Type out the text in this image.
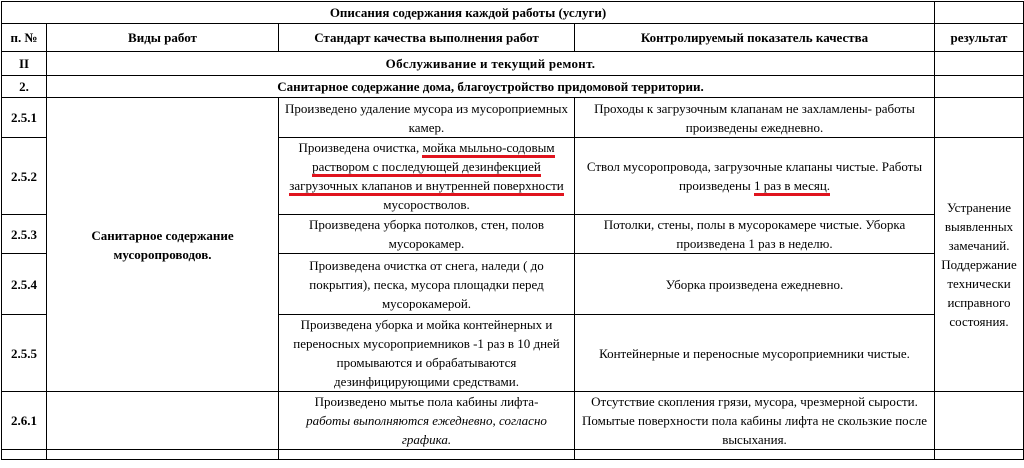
Описания содержания каждой работы (услуги)				
п. №	Виды работ	Стандарт качества выполнения работ	Контролируемый показатель качества	результат
II	Обслуживание и текущий ремонт.			
2.	Санитарное содержание дома, благоустройство придомовой территории.			
2.5.1	Санитарное содержание мусоропроводов.	Произведено удаление мусора из мусороприемных камер.	Проходы к загрузочным клапанам не захламлены- работы произведены ежедневно.	
2.5.2		Произведена очистка, мойка мыльно-содовым
раствором с последующей дезинфекцией
загрузочных клапанов и внутренней поверхности
мусоростволов.	Ствол мусоропровода, загрузочные клапаны чистые. Работы произведены 1 раз в месяц.	Устранение выявленных замечаний. Поддержание технически исправного состояния.
2.5.3		Произведена уборка потолков, стен, полов мусорокамер.	Потолки, стены, полы в мусорокамере чистые. Уборка произведена 1 раз в неделю.	
2.5.4		Произведена очистка от снега, наледи ( до покрытия), песка, мусора площадки перед мусорокамерой.	Уборка произведена ежедневно.	
2.5.5		Произведена уборка и мойка контейнерных и переносных мусороприемников -1 раз в 10 дней промываются и обрабатываются дезинфицирующими средствами.	Контейнерные и переносные мусороприемники чистые.	
2.6.1		Произведено мытье пола кабины лифта-
работы выполняются ежедневно, согласно графика.	Отсутствие скопления грязи, мусора, чрезмерной сырости. Помытые поверхности пола кабины лифта не скользкие после высыхания.	
